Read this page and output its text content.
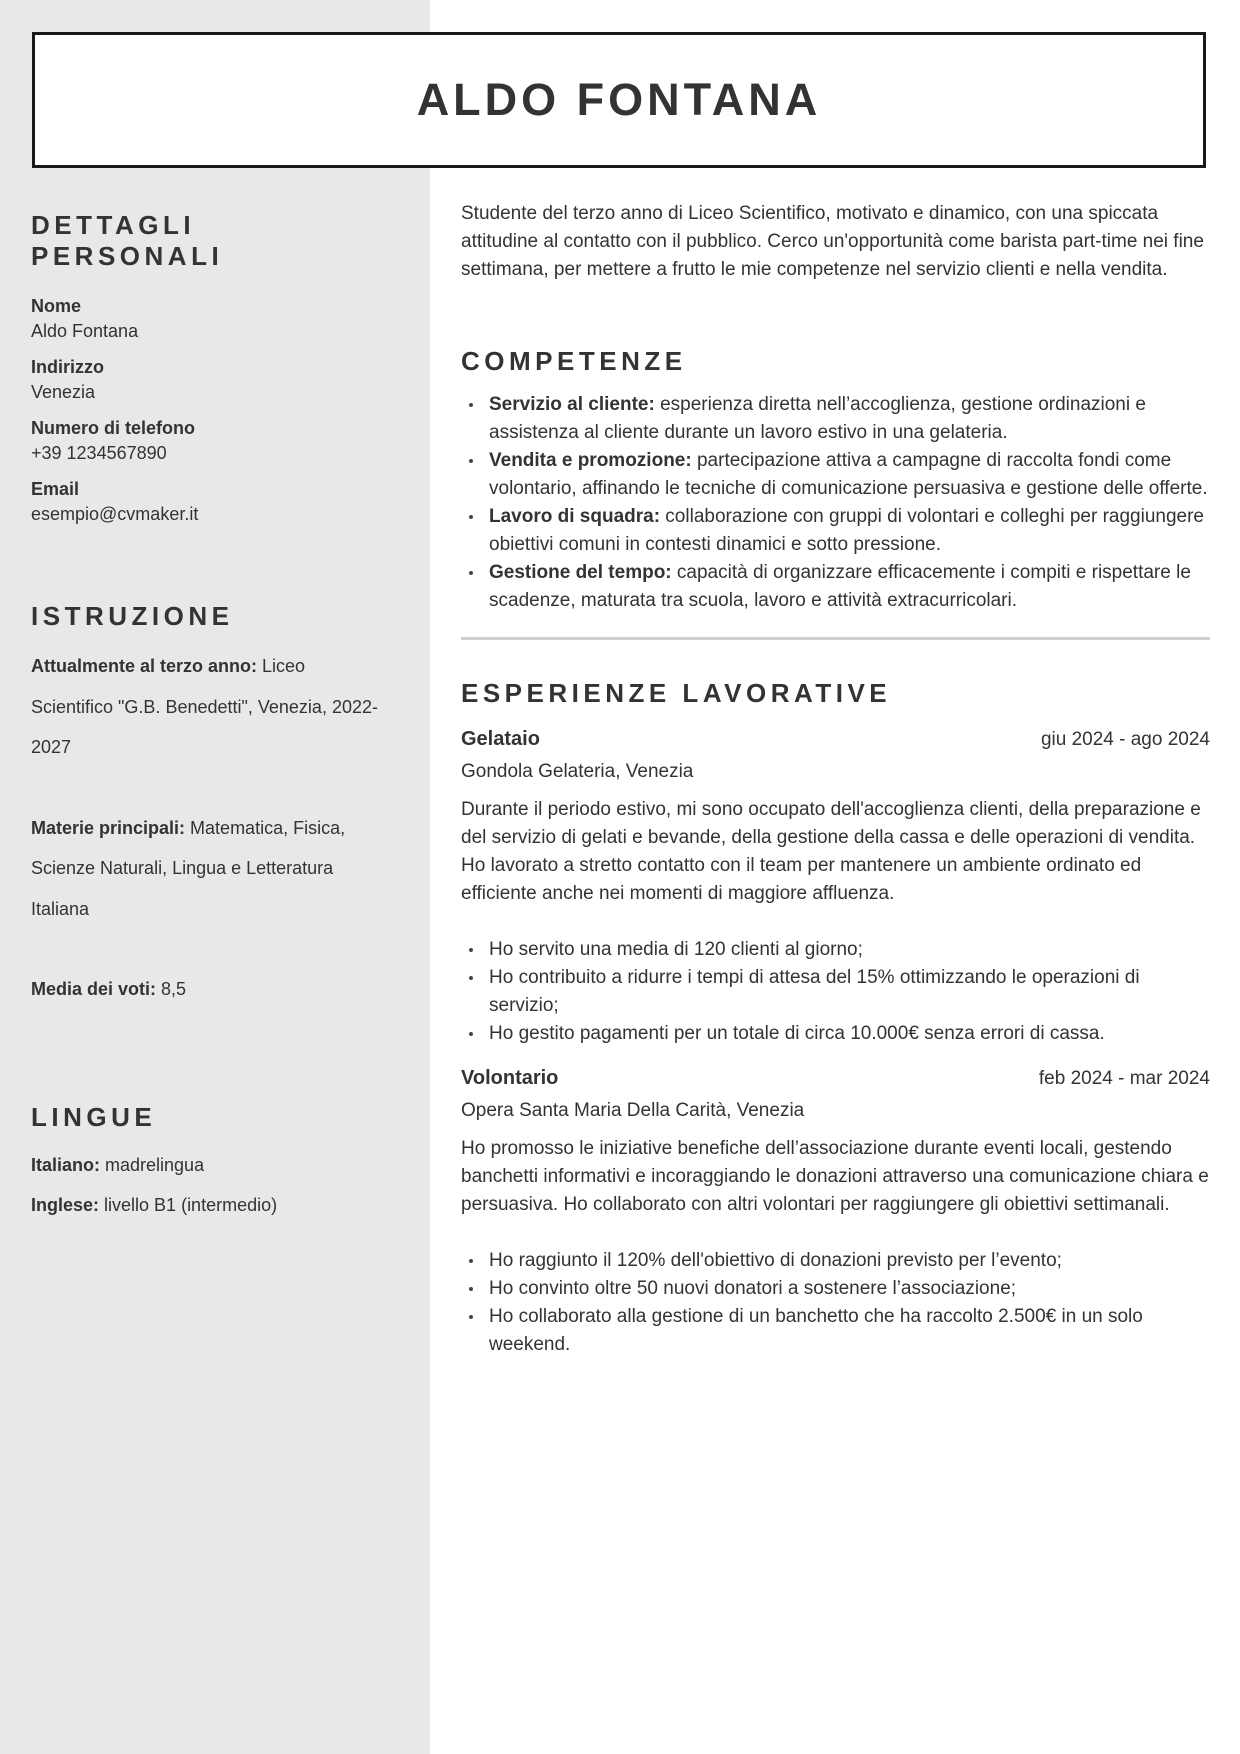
ALDO FONTANA
DETTAGLI PERSONALI
Nome
Aldo Fontana
Indirizzo
Venezia
Numero di telefono
+39 1234567890
Email
esempio@cvmaker.it
ISTRUZIONE

Attualmente al terzo anno: Liceo Scientifico "G.B. Benedetti", Venezia, 2022-2027

Materie principali: Matematica, Fisica, Scienze Naturali, Lingua e Letteratura Italiana

Media dei voti: 8,5

LINGUE

Italiano: madrelingua

Inglese: livello B1 (intermedio)

Studente del terzo anno di Liceo Scientifico, motivato e dinamico, con una spiccata attitudine al contatto con il pubblico. Cerco un'opportunità come barista part-time nei fine settimana, per mettere a frutto le mie competenze nel servizio clienti e nella vendita.

COMPETENZE
Servizio al cliente: esperienza diretta nell’accoglienza, gestione ordinazioni e assistenza al cliente durante un lavoro estivo in una gelateria.
Vendita e promozione: partecipazione attiva a campagne di raccolta fondi come volontario, affinando le tecniche di comunicazione persuasiva e gestione delle offerte.
Lavoro di squadra: collaborazione con gruppi di volontari e colleghi per raggiungere obiettivi comuni in contesti dinamici e sotto pressione.
Gestione del tempo: capacità di organizzare efficacemente i compiti e rispettare le scadenze, maturata tra scuola, lavoro e attività extracurricolari.
ESPERIENZE LAVORATIVE
Gelataio	giu 2024 - ago 2024
Gondola Gelateria, Venezia

Durante il periodo estivo, mi sono occupato dell'accoglienza clienti, della preparazione e del servizio di gelati e bevande, della gestione della cassa e delle operazioni di vendita. Ho lavorato a stretto contatto con il team per mantenere un ambiente ordinato ed efficiente anche nei momenti di maggiore affluenza.

Ho servito una media di 120 clienti al giorno;
Ho contribuito a ridurre i tempi di attesa del 15% ottimizzando le operazioni di servizio;
Ho gestito pagamenti per un totale di circa 10.000€ senza errori di cassa.
Volontario	feb 2024 - mar 2024
Opera Santa Maria Della Carità, Venezia

Ho promosso le iniziative benefiche dell’associazione durante eventi locali, gestendo banchetti informativi e incoraggiando le donazioni attraverso una comunicazione chiara e persuasiva. Ho collaborato con altri volontari per raggiungere gli obiettivi settimanali.

Ho raggiunto il 120% dell'obiettivo di donazioni previsto per l’evento;
Ho convinto oltre 50 nuovi donatori a sostenere l’associazione;
Ho collaborato alla gestione di un banchetto che ha raccolto 2.500€ in un solo weekend.
